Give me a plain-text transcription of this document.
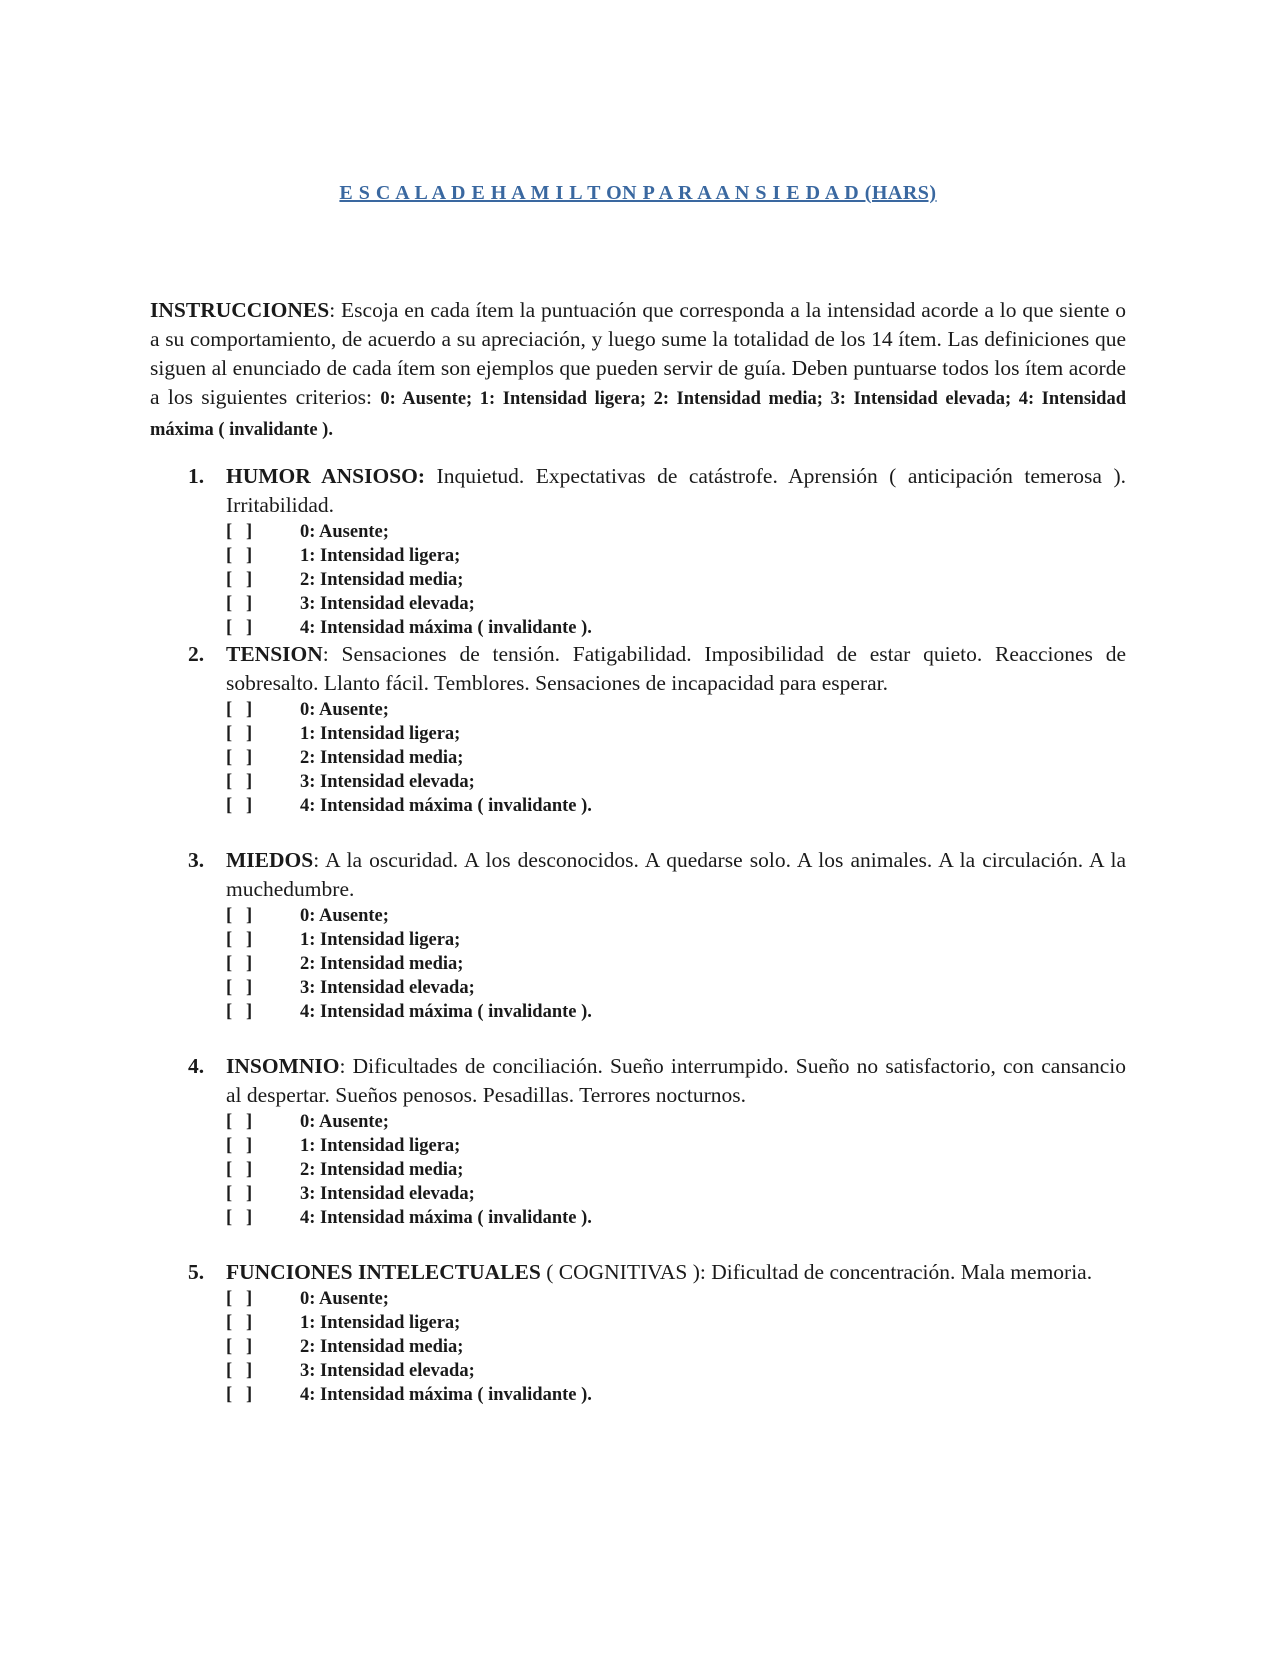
E S C A L A D E H A M I L T ON P A R A A N S I E D A D (HARS)
INSTRUCCIONES: Escoja en cada ítem la puntuación que corresponda a la intensidad acorde a lo que siente o a su comportamiento, de acuerdo a su apreciación, y luego sume la totalidad de los 14 ítem. Las definiciones que siguen al enunciado de cada ítem son ejemplos que pueden servir de guía. Deben puntuarse todos los ítem acorde a los siguientes criterios: 0: Ausente; 1: Intensidad ligera; 2: Intensidad media; 3: Intensidad elevada; 4: Intensidad máxima ( invalidante ).
1. HUMOR ANSIOSO: Inquietud. Expectativas de catástrofe. Aprensión ( anticipación temerosa ). Irritabilidad.
[   ]	0: Ausente;
[   ]	1: Intensidad ligera;
[   ]	2: Intensidad media;
[   ]	3: Intensidad elevada;
[   ]	4: Intensidad máxima ( invalidante ).
2. TENSION: Sensaciones de tensión. Fatigabilidad. Imposibilidad de estar quieto. Reacciones de sobresalto. Llanto fácil. Temblores. Sensaciones de incapacidad para esperar.
[   ]	0: Ausente;
[   ]	1: Intensidad ligera;
[   ]	2: Intensidad media;
[   ]	3: Intensidad elevada;
[   ]	4: Intensidad máxima ( invalidante ).
3. MIEDOS: A la oscuridad. A los desconocidos. A quedarse solo. A los animales. A la circulación. A la muchedumbre.
[   ]	0: Ausente;
[   ]	1: Intensidad ligera;
[   ]	2: Intensidad media;
[   ]	3: Intensidad elevada;
[   ]	4: Intensidad máxima ( invalidante ).
4. INSOMNIO: Dificultades de conciliación. Sueño interrumpido. Sueño no satisfactorio, con cansancio al despertar. Sueños penosos. Pesadillas. Terrores nocturnos.
[   ]	0: Ausente;
[   ]	1: Intensidad ligera;
[   ]	2: Intensidad media;
[   ]	3: Intensidad elevada;
[   ]	4: Intensidad máxima ( invalidante ).
5. FUNCIONES INTELECTUALES ( COGNITIVAS ): Dificultad de concentración. Mala memoria.
[   ]	0: Ausente;
[   ]	1: Intensidad ligera;
[   ]	2: Intensidad media;
[   ]	3: Intensidad elevada;
[   ]	4: Intensidad máxima ( invalidante ).
